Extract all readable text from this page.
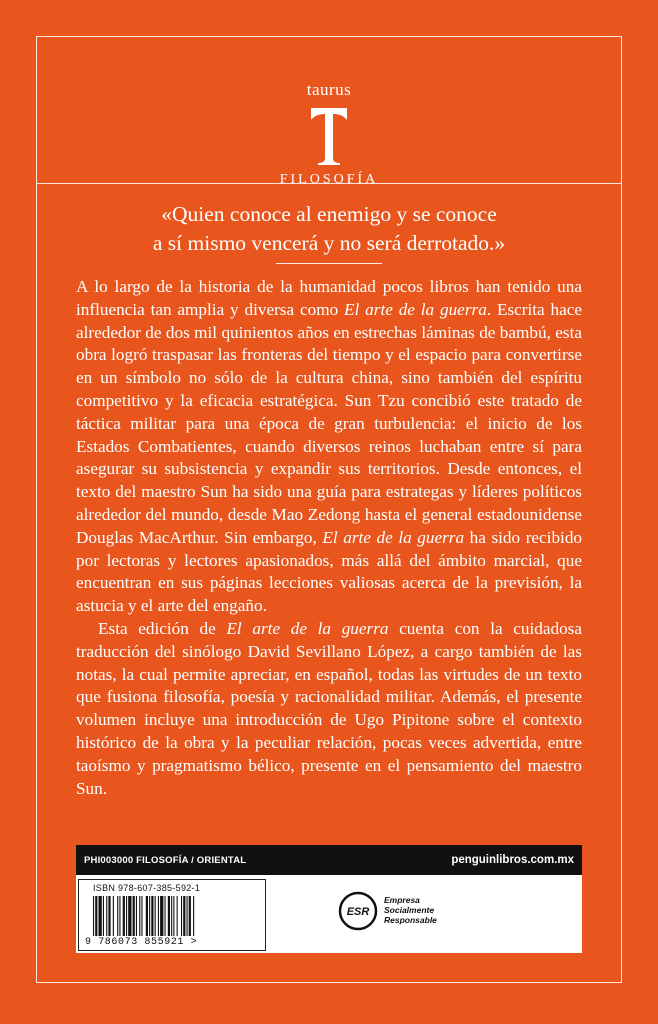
taurus
FILOSOFÍA
«Quien conoce al enemigo y se conoce
a sí mismo vencerá y no será derrotado.»

A lo largo de la historia de la humanidad pocos libros han tenido una influencia tan amplia y diversa como El arte de la guerra. Escrita hace alrededor de dos mil quinientos años en estrechas láminas de bambú, esta obra logró traspasar las fronteras del tiempo y el espacio para convertirse en un símbolo no sólo de la cultura china, sino también del espíritu competitivo y la eficacia estratégica. Sun Tzu concibió este tratado de táctica militar para una época de gran turbulencia: el inicio de los Estados Combatientes, cuando diversos reinos luchaban entre sí para asegurar su subsistencia y expandir sus territorios. Desde entonces, el texto del maestro Sun ha sido una guía para estrategas y líderes políticos alrededor del mundo, desde Mao Zedong hasta el general estadounidense Douglas MacArthur. Sin embargo, El arte de la guerra ha sido recibido por lectoras y lectores apasionados, más allá del ámbito marcial, que encuentran en sus páginas lecciones valiosas acerca de la previsión, la astucia y el arte del engaño.

Esta edición de El arte de la guerra cuenta con la cuidadosa traducción del sinólogo David Sevillano López, a cargo también de las notas, la cual permite apreciar, en español, todas las virtudes de un texto que fusiona filosofía, poesía y racionalidad militar. Además, el presente volumen incluye una introducción de Ugo Pipitone sobre el contexto histórico de la obra y la peculiar relación, pocas veces advertida, entre taoísmo y pragmatismo bélico, presente en el pensamiento del maestro Sun.

PHI003000 FILOSOFÍA / ORIENTAL	penguinlibros.com.mx
ISBN 978-607-385-592-1
9 786073 855921 >
ESR
Empresa
Socialmente
Responsable
